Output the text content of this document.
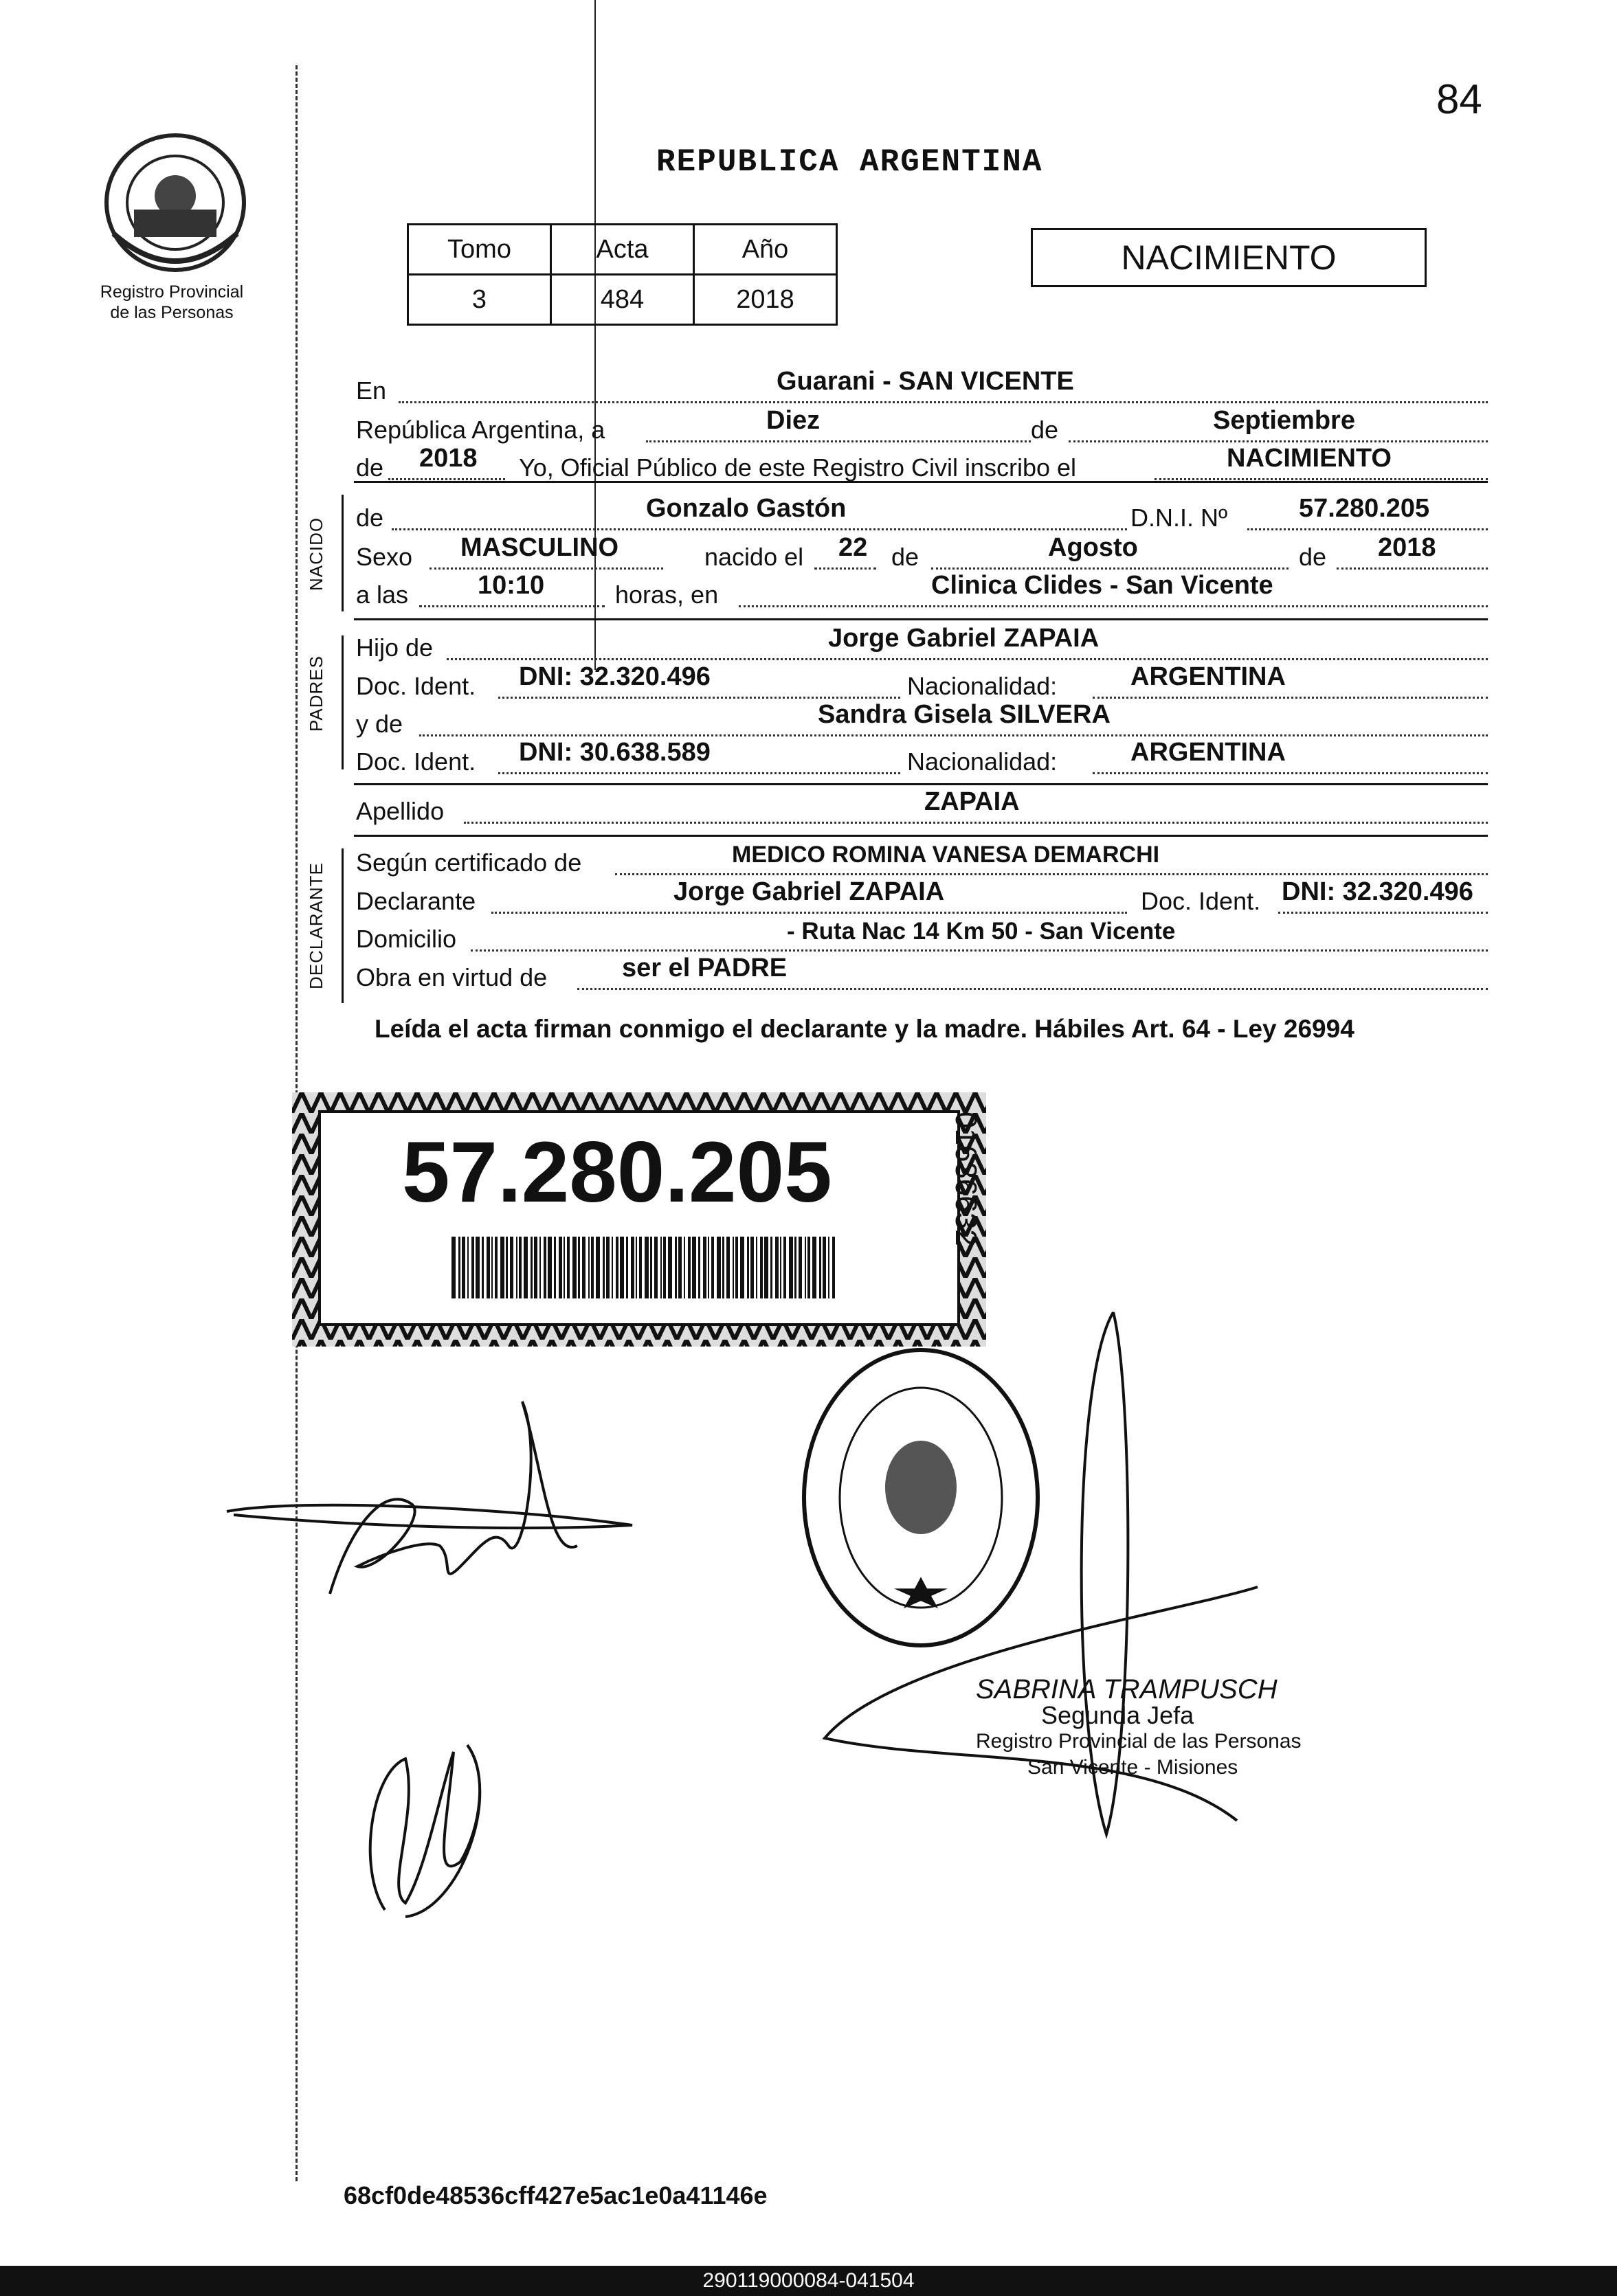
84
REPUBLICA ARGENTINA
Registro Provincial
de las Personas
Tomo	Acta	Año
3	484	2018
NACIMIENTO
En	Guarani - SAN VICENTE
República Argentina, a	Diez	de	Septiembre
de 2018 Yo, Oficial Público de este Registro Civil inscribo el	NACIMIENTO
NACIDO de	Gonzalo Gastón	D.N.I. Nº	57.280.205
Sexo MASCULINO	nacido el 22 de	Agosto	de 2018
a las	10:10	horas, en	Clinica Clides - San Vicente
PADRES
Hijo de	Jorge Gabriel ZAPAIA
Doc. Ident. DNI: 32.320.496	Nacionalidad:	ARGENTINA
y de	Sandra Gisela SILVERA
Doc. Ident. DNI: 30.638.589	Nacionalidad:	ARGENTINA
Apellido	ZAPAIA
DECLARANTE Según certificado de	MEDICO ROMINA VANESA DEMARCHI
Declarante	Jorge Gabriel ZAPAIA	Doc. Ident. DNI: 32.320.496
Domicilio	- Ruta Nac 14 Km 50 - San Vicente
Obra en virtud de	ser el PADRE
Leída el acta firman conmigo el declarante y la madre. Hábiles Art. 64 - Ley 26994
57.280.205	01636632
SABRINA TRAMPUSCH
Segunda Jefa
Registro Provincial de las Personas
San Vicente - Misiones
68cf0de48536cff427e5ac1e0a41146e
290119000084-041504
